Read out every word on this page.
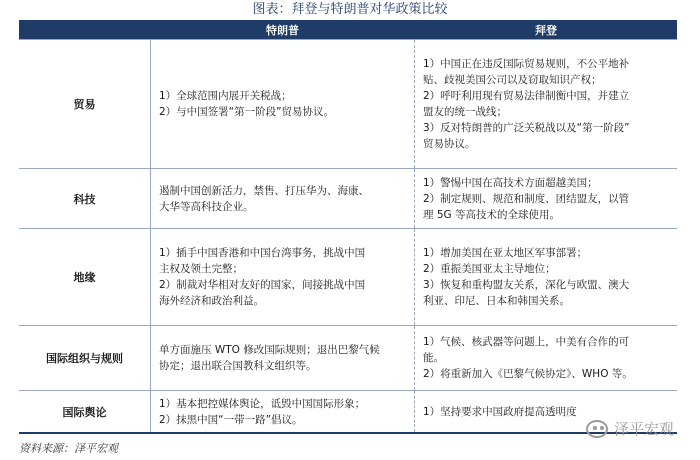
图表：拜登与特朗普对华政策比较
特朗普	拜登
贸易
1）全球范围内展开关税战；
2）与中国签署“第一阶段”贸易协议。
1）中国正在违反国际贸易规则，不公平地补
贴、歧视美国公司以及窃取知识产权；
2）呼吁利用现有贸易法律制衡中国，并建立
盟友的统一战线；
3）反对特朗普的广泛关税战以及“第一阶段”
贸易协议。
科技
遏制中国创新活力，禁售、打压华为、海康、
大华等高科技企业。
1）警惕中国在高技术方面超越美国；
2）制定规则、规范和制度、团结盟友，以管
理 5G 等高技术的全球使用。
地缘
1）插手中国香港和中国台湾事务，挑战中国
主权及领土完整；
2）制裁对华相对友好的国家，间接挑战中国
海外经济和政治利益。
1）增加美国在亚太地区军事部署；
2）重振美国亚太主导地位；
3）恢复和重构盟友关系，深化与欧盟、澳大
利亚、印尼、日本和韩国关系。
国际组织与规则
单方面施压 WTO 修改国际规则；退出巴黎气候
协定；退出联合国教科文组织等。
1）气候、核武器等问题上，中美有合作的可
能。
2）将重新加入《巴黎气候协定》、WHO 等。
国际舆论
1）基本把控媒体舆论，诋毁中国国际形象；
2）抹黑中国“一带一路”倡议。
1）坚持要求中国政府提高透明度
资料来源：泽平宏观
泽平宏观
